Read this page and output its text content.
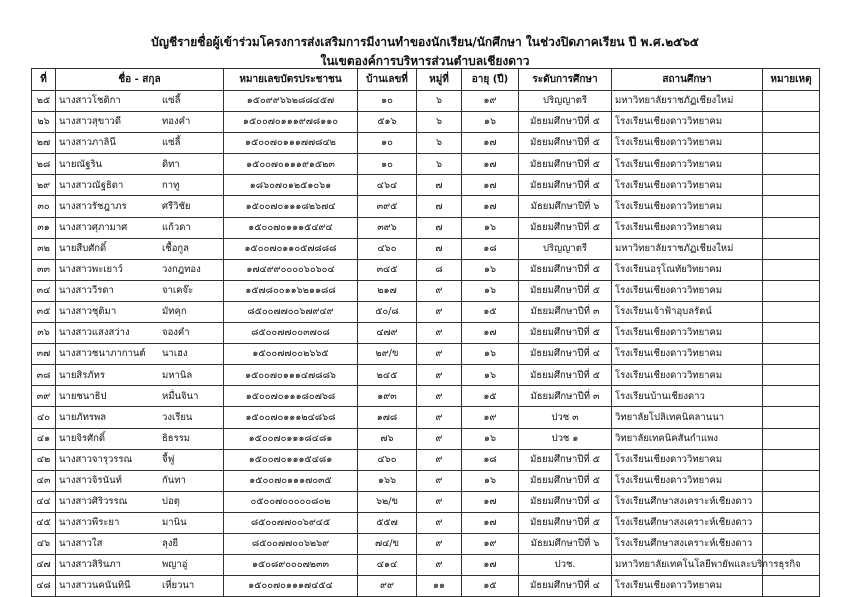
บัญชีรายชื่อผู้เข้าร่วมโครงการส่งเสริมการมีงานทำของนักเรียน/นักศึกษา ในช่วงปิดภาคเรียน ปี พ.ศ.๒๕๖๕
ในเขตองค์การบริหารส่วนตำบลเชียงดาว
ที่	ชื่อ - สกุล	หมายเลขบัตรประชาชน	บ้านเลขที่	หมู่ที่	อายุ (ปี)	ระดับการศึกษา	สถานศึกษา	หมายเหตุ
๒๕	นางสาวโชติกา แซ่ลี้	๑๕๐๙๙๖๖๒๘๘๔๕๗	๑๐	๖	๑๙	ปริญญาตรี	มหาวิทยาลัยราชภัฏเชียงใหม่	
๒๖	นางสาวสุขาวดี ทองคำ	๑๕๐๐๗๐๑๑๑๙๗๘๑๑๐	๕๑๖	๖	๑๖	มัธยมศึกษาปีที่ ๕	โรงเรียนเชียงดาววิทยาคม	
๒๗	นางสาวภาลินี แซ่ลี้	๑๕๐๐๗๐๑๑๑๗๗๘๔๒	๑๐	๖	๑๗	มัธยมศึกษาปีที่ ๕	โรงเรียนเชียงดาววิทยาคม	
๒๘	นายณัฐริน ดิทา	๑๕๐๐๗๐๑๑๑๙๑๕๒๓	๑๐	๖	๑๗	มัธยมศึกษาปีที่ ๕	โรงเรียนเชียงดาววิทยาคม	
๒๙	นางสาวณัฐธิดา กาทู	๑๘๖๐๗๐๑๒๕๑๐๖๑	๔๖๔	๗	๑๗	มัธยมศึกษาปีที่ ๕	โรงเรียนเชียงดาววิทยาคม	
๓๐	นางสาวรัชฎาภร ศรีวิชัย	๑๕๐๐๗๐๑๑๑๘๒๖๗๔	๓๙๕	๗	๑๗	มัธยมศึกษาปีที่ ๖	โรงเรียนเชียงดาววิทยาคม	
๓๑	นางสาวศุภามาศ แก้วดา	๑๕๐๐๗๐๑๑๑๕๔๙๔	๓๙๖	๗	๑๖	มัธยมศึกษาปีที่ ๕	โรงเรียนเชียงดาววิทยาคม	
๓๒	นายสืบศักดิ์ เชื้อกูล	๑๕๐๐๗๐๑๑๐๕๗๘๘๘	๔๖๐	๗	๑๘	ปริญญาตรี	มหาวิทยาลัยราชภัฏเชียงใหม่	
๓๓	นางสาวพะเยาว์ วงกฎทอง	๑๗๔๙๙๐๐๐๐๖๐๖๐๔	๓๔๕	๘	๑๖	มัธยมศึกษาปีที่ ๕	โรงเรียนอรุโณทัยวิทยาคม	
๓๔	นางสาววีรดา จาเคจ๊ะ	๑๕๗๘๐๐๑๑๖๒๑๑๘๘	๒๑๗	๙	๑๖	มัธยมศึกษาปีที่ ๕	โรงเรียนเชียงดาววิทยาคม	
๓๕	นางสาวชุติมา มัทคุก	๘๕๐๐๗๗๐๐๖๗๙๔๙	๕๐/๘	๙	๑๕	มัธยมศึกษาปีที่ ๓	โรงเรียนเจ้าฟ้าอุบลรัตน์	
๓๖	นางสาวแสงสว่าง จองคำ	๘๕๐๐๗๗๐๐๓๗๐๘	๔๗๙	๙	๑๗	มัธยมศึกษาปีที่ ๕	โรงเรียนเชียงดาววิทยาคม	
๓๗	นางสาวชนาภากานต์ นาเฮง	๑๕๐๐๗๗๐๐๒๖๖๕	๒๙/ข	๙	๑๖	มัธยมศึกษาปีที่ ๔	โรงเรียนเชียงดาววิทยาคม	
๓๘	นายสิรภัทร มหานิล	๑๕๐๐๗๐๑๑๑๔๗๘๘๖	๒๔๕	๙	๑๖	มัธยมศึกษาปีที่ ๕	โรงเรียนเชียงดาววิทยาคม	
๓๙	นายชนาธิป หมื่นจินา	๑๕๐๐๗๐๑๑๑๘๐๗๖๘	๑๙๓	๙	๑๕	มัธยมศึกษาปีที่ ๓	โรงเรียนบ้านเชียงดาว	
๔๐	นายภัทรพล วงเรียน	๑๕๐๐๗๐๑๑๑๒๔๘๖๘	๑๗๘	๙	๑๙	ปวช ๓	วิทยาลัยโปลิเทคนิคลานนา	
๔๑	นายจิรศักดิ์ ธิธรรม	๑๕๐๐๗๐๑๑๑๘๔๘๑	๗๖	๙	๑๖	ปวช ๑	วิทยาลัยเทคนิคสันกำแพง	
๔๒	นางสาวจารุวรรณ จี้ฟู	๑๕๐๐๗๐๑๑๑๕๔๘๑	๔๖๐	๙	๑๘	มัธยมศึกษาปีที่ ๕	โรงเรียนเชียงดาววิทยาคม	
๔๓	นางสาวจิรนันท์ กันทา	๑๕๐๐๗๐๑๑๑๗๐๓๕	๑๖๖	๙	๑๖	มัธยมศึกษาปีที่ ๕	โรงเรียนเชียงดาววิทยาคม	
๔๔	นางสาวศิริวรรณ บ่อตุ	๐๕๐๐๗๐๐๐๐๐๘๐๒	๖๒/ข	๙	๑๗	มัธยมศึกษาปีที่ ๔	โรงเรียนศึกษาสงเคราะห์เชียงดาว	
๔๕	นางสาวพีระยา มานิน	๘๕๐๐๗๗๐๐๖๙๔๕	๕๕๗	๙	๑๗	มัธยมศึกษาปีที่ ๕	โรงเรียนศึกษาสงเคราะห์เชียงดาว	
๔๖	นางสาวใส ลุงยี	๘๕๐๐๗๗๐๐๖๒๖๙	๗๔/ข	๙	๑๙	มัธยมศึกษาปีที่ ๖	โรงเรียนศึกษาสงเคราะห์เชียงดาว	
๔๗	นางสาวสิรินภา พญาอู่	๑๕๐๘๙๐๐๐๗๒๓๓	๔๑๔	๙	๑๗	ปวช.	มหาวิทยาลัยเทคโนโลยีพายัพและบริการธุรกิจ	
๔๘	นางสาวนคนันทินี เหี่ยวนา	๑๕๐๐๗๐๑๑๑๗๔๕๔	๙๙	๑๑	๑๕	มัธยมศึกษาปีที่ ๔	โรงเรียนเชียงดาววิทยาคม	
